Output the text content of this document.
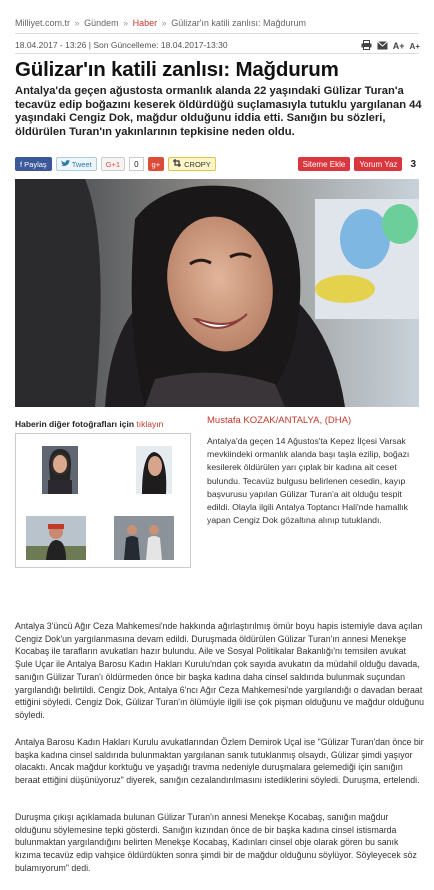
Milliyet.com.tr » Gündem » Haber » Gülizar'ın katili zanlısı: Mağdurum
18.04.2017 - 13:26 | Son Güncelleme: 18.04.2017-13:30	A+ A+
Gülizar'ın katili zanlısı: Mağdurum

Antalya'da geçen ağustosta ormanlık alanda 22 yaşındaki Gülizar Turan'a tecavüz edip boğazını keserek öldürdüğü suçlamasıyla tutuklu yargılanan 44 yaşındaki Cengiz Dok, mağdur olduğunu iddia etti. Sanığın bu sözleri, öldürülen Turan'ın yakınlarının tepkisine neden oldu.

f Paylaş	Tweet	G+1	0	g+	CROPY	Siteme Ekle	Yorum Yaz	3
Haberin diğer fotoğrafları için tıklayın	Mustafa KOZAK/ANTALYA, (DHA)

Antalya'da geçen 14 Ağustos'ta Kepez İlçesi Varsak mevkiindeki ormanlık alanda başı taşla ezilip, boğazı kesilerek öldürülen yarı çıplak bir kadına ait ceset bulundu. Tecavüz bulgusu belirlenen cesedin, kayıp başvurusu yapılan Gülizar Turan'a ait olduğu tespit edildi. Olayla ilgili Antalya Toptancı Hali'nde hamallık yapan Cengiz Dok gözaltına alınıp tutuklandı.

Antalya 3'üncü Ağır Ceza Mahkemesi'nde hakkında ağırlaştırılmış ömür boyu hapis istemiyle dava açılan Cengiz Dok'un yargılanmasına devam edildi. Duruşmada öldürülen Gülizar Turan'ın annesi Menekşe Kocabaş ile tarafların avukatları hazır bulundu. Aile ve Sosyal Politikalar Bakanlığı'nı temsilen avukat Şule Uçar ile Antalya Barosu Kadın Hakları Kurulu'ndan çok sayıda avukatın da müdahil olduğu davada, sanığın Gülizar Turan'ı öldürmeden önce bir başka kadına daha cinsel saldırıda bulunmak suçundan yargılandığı belirtildi. Cengiz Dok, Antalya 6'ncı Ağır Ceza Mahkemesi'nde yargılandığı o davadan beraat ettiğini söyledi. Cengiz Dok, Gülizar Turan'ın ölümüyle ilgili ise çok pişman olduğunu ve mağdur olduğunu söyledi.

Antalya Barosu Kadın Hakları Kurulu avukatlarından Özlem Demirok Uçal ise "Gülizar Turan'dan önce bir başka kadına cinsel saldırıda bulunmaktan yargılanan sanık tutuklanmış olsaydı, Gülizar şimdi yaşıyor olacaktı. Ancak mağdur korktuğu ve yaşadığı travma nedeniyle duruşmalara gelemediği için sanığın beraat ettiğini düşünüyoruz" diyerek, sanığın cezalandırılmasını istediklerini söyledi. Duruşma, ertelendi.

Duruşma çıkışı açıklamada bulunan Gülizar Turan'ın annesi Menekşe Kocabaş, sanığın mağdur olduğunu söylemesine tepki gösterdi. Sanığın kızından önce de bir başka kadına cinsel istismarda bulunmaktan yargılandığını belirten Menekşe Kocabaş, Kadınları cinsel obje olarak gören bu sanık kızıma tecavüz edip vahşice öldürdükten sonra şimdi bir de mağdur olduğunu söylüyor. Söyleyecek söz bulamıyorum" dedi.
